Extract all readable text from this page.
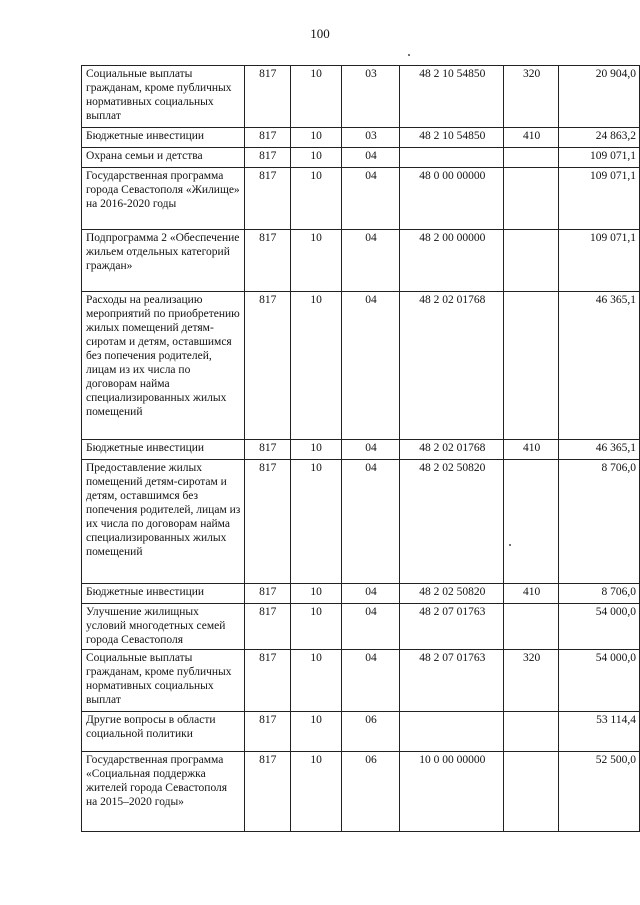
100
Социальные выплаты гражданам, кроме публичных нормативных социальных выплат	817	10	03	48 2 10 54850	320	20 904,0
Бюджетные инвестиции	817	10	03	48 2 10 54850	410	24 863,2
Охрана семьи и детства	817	10	04			109 071,1
Государственная программа города Севастополя «Жилище» на 2016-2020 годы	817	10	04	48 0 00 00000		109 071,1
Подпрограмма 2 «Обеспечение жильем отдельных категорий граждан»	817	10	04	48 2 00 00000		109 071,1
Расходы на реализацию мероприятий по приобретению жилых помещений детям-сиротам и детям, оставшимся без попечения родителей, лицам из их числа по договорам найма специализированных жилых помещений	817	10	04	48 2 02 01768		46 365,1
Бюджетные инвестиции	817	10	04	48 2 02 01768	410	46 365,1
Предоставление жилых помещений детям-сиротам и детям, оставшимся без попечения родителей, лицам из их числа по договорам найма специализированных жилых помещений	817	10	04	48 2 02 50820		8 706,0
Бюджетные инвестиции	817	10	04	48 2 02 50820	410	8 706,0
Улучшение жилищных условий многодетных семей города Севастополя	817	10	04	48 2 07 01763		54 000,0
Социальные выплаты гражданам, кроме публичных нормативных социальных выплат	817	10	04	48 2 07 01763	320	54 000,0
Другие вопросы в области социальной политики	817	10	06			53 114,4
Государственная программа «Социальная поддержка жителей города Севастополя на 2015–2020 годы»	817	10	06	10 0 00 00000		52 500,0
